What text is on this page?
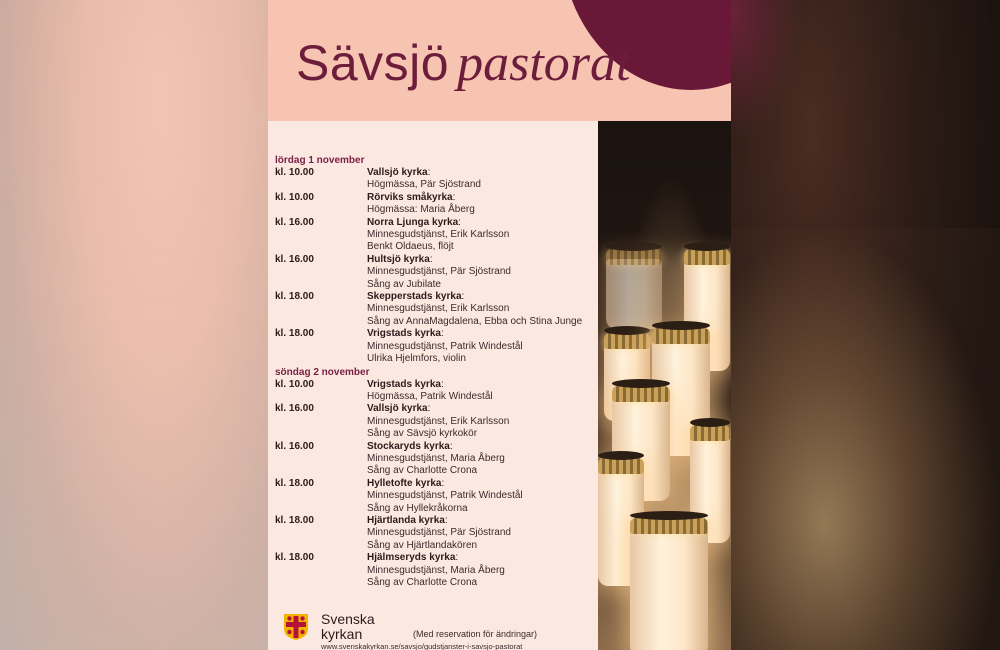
Sävsjö pastorat
lördag 1 november
kl. 10.00	Vallsjö kyrka:
Högmässa, Pär Sjöstrand
kl. 10.00	Rörviks småkyrka:
Högmässa: Maria Åberg
kl. 16.00	Norra Ljunga kyrka:
Minnesgudstjänst, Erik Karlsson
Benkt Oldaeus, flöjt
kl. 16.00	Hultsjö kyrka:
Minnesgudstjänst, Pär Sjöstrand
Sång av Jubilate
kl. 18.00	Skepperstads kyrka:
Minnesgudstjänst, Erik Karlsson
Sång av AnnaMagdalena, Ebba och Stina Junge
kl. 18.00	Vrigstads kyrka:
Minnesgudstjänst, Patrik Windestål
Ulrika Hjelmfors, violin
söndag 2 november
kl. 10.00	Vrigstads kyrka:
Högmässa, Patrik Windestål
kl. 16.00	Vallsjö kyrka:
Minnesgudstjänst, Erik Karlsson
Sång av Sävsjö kyrkokör
kl. 16.00	Stockaryds kyrka:
Minnesgudstjänst, Maria Åberg
Sång av Charlotte Crona
kl. 18.00	Hylletofte kyrka:
Minnesgudstjänst, Patrik Windestål
Sång av Hyllekråkorna
kl. 18.00	Hjärtlanda kyrka:
Minnesgudstjänst, Pär Sjöstrand
Sång av Hjärtlandakören
kl. 18.00	Hjälmseryds kyrka:
Minnesgudstjänst, Maria Åberg
Sång av Charlotte Crona
Svenska
kyrkan	(Med reservation för ändringar)
www.svenskakyrkan.se/savsjo/gudstjanster-i-savsjo-pastorat
